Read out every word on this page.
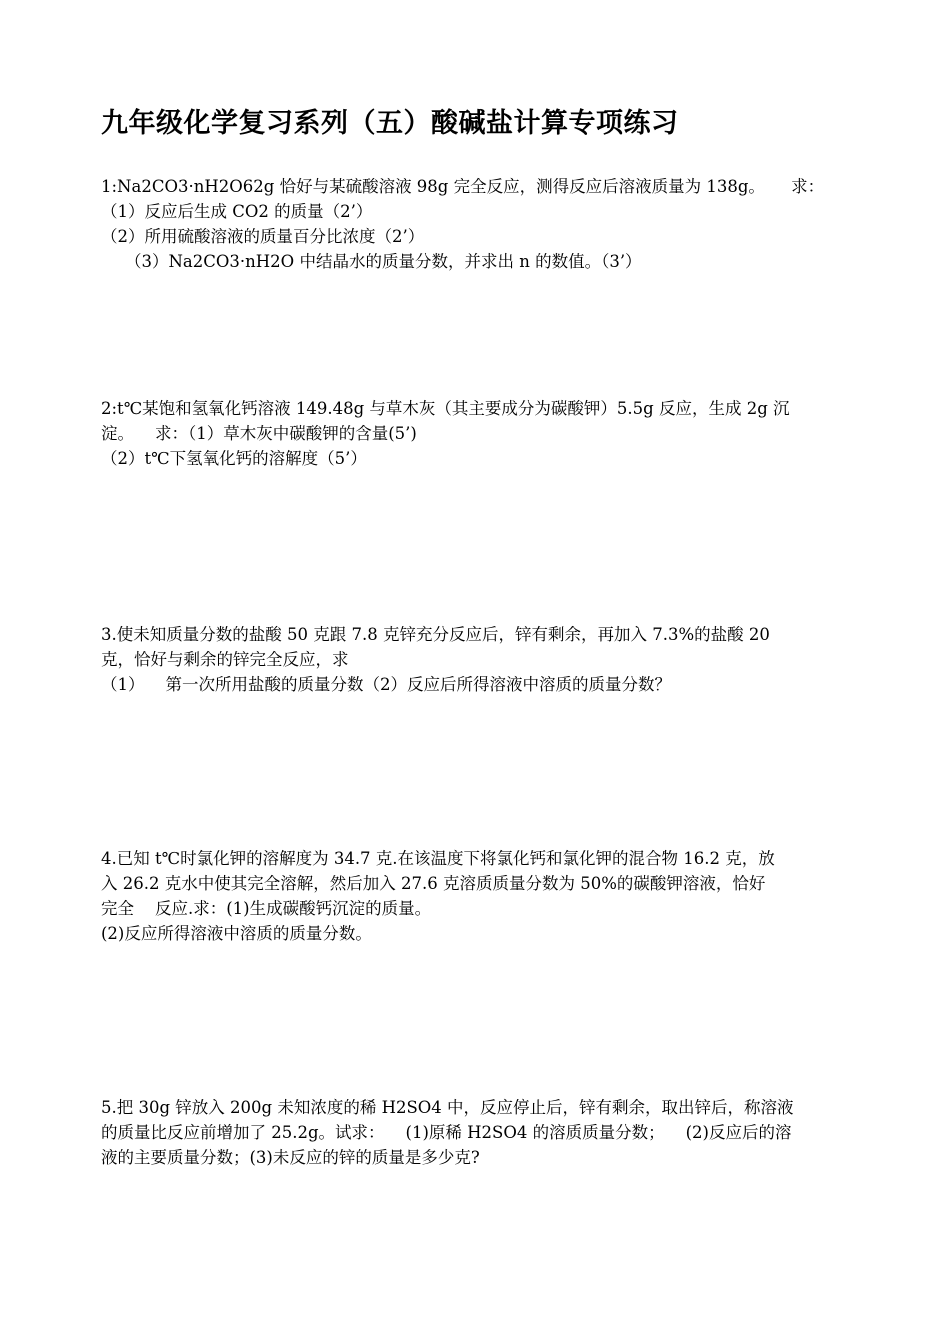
九年级化学复习系列（五）酸碱盐计算专项练习

1:Na2CO3·nH2O62g 恰好与某硫酸溶液 98g 完全反应，测得反应后溶液质量为 138g。     求：

（1）反应后生成 CO2 的质量（2’）

（2）所用硫酸溶液的质量百分比浓度（2’）

（3）Na2CO3·nH2O 中结晶水的质量分数，并求出 n 的数值。（3’）

2:t℃某饱和氢氧化钙溶液 149.48g 与草木灰（其主要成分为碳酸钾）5.5g 反应，生成 2g 沉

淀。    求：（1）草木灰中碳酸钾的含量(5’)

（2）t℃下氢氧化钙的溶解度（5’）

3.使未知质量分数的盐酸 50 克跟 7.8 克锌充分反应后，锌有剩余，再加入 7.3%的盐酸 20

克，恰好与剩余的锌完全反应，求

（1）    第一次所用盐酸的质量分数（2）反应后所得溶液中溶质的质量分数？

4.已知 t℃时氯化钾的溶解度为 34.7 克.在该温度下将氯化钙和氯化钾的混合物 16.2 克，放

入 26.2 克水中使其完全溶解，然后加入 27.6 克溶质质量分数为 50%的碳酸钾溶液，恰好

完全    反应.求：(1)生成碳酸钙沉淀的质量。

(2)反应所得溶液中溶质的质量分数。

5.把 30g 锌放入 200g 未知浓度的稀 H2SO4 中，反应停止后，锌有剩余，取出锌后，称溶液

的质量比反应前增加了 25.2g。试求：    (1)原稀 H2SO4 的溶质质量分数；    (2)反应后的溶

液的主要质量分数；(3)未反应的锌的质量是多少克?
